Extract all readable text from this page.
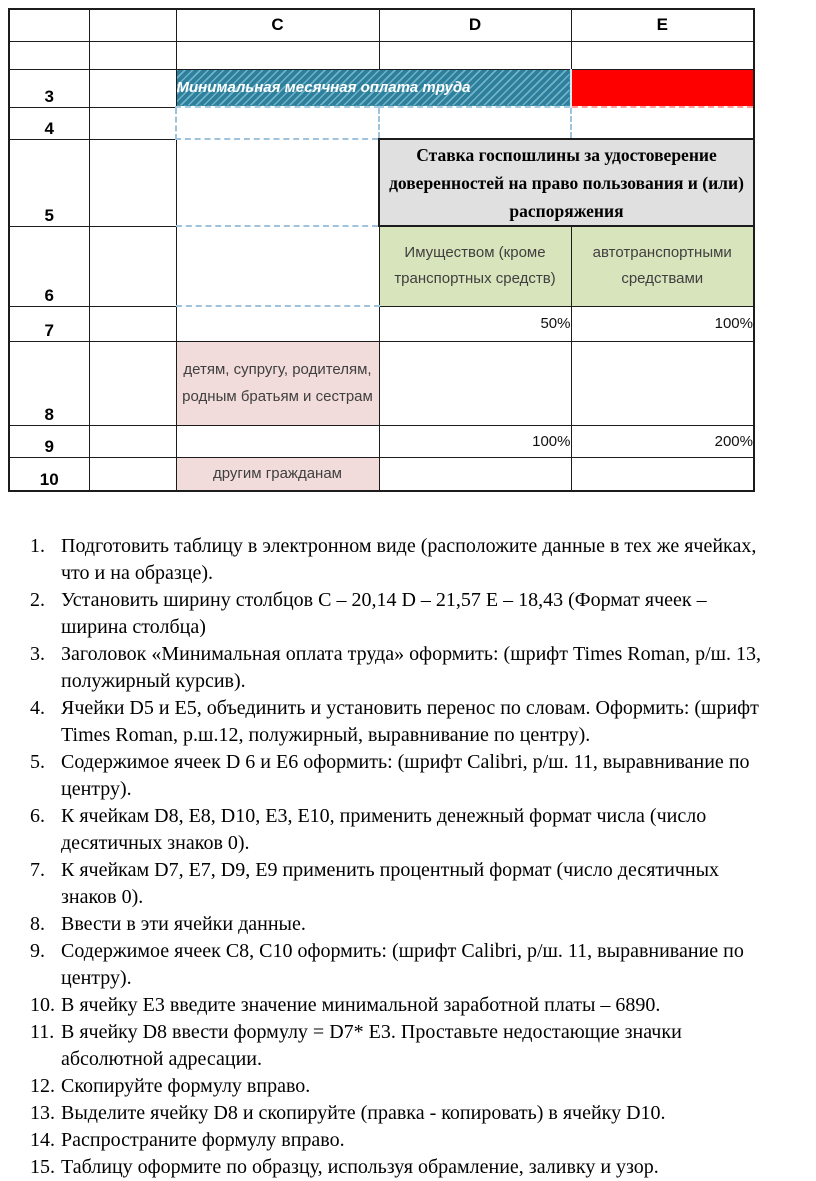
		C	D	E

3		Минимальная месячная оплата труда		
4				
5			Ставка госпошлины за удостоверение доверенностей на право пользования и (или) распоряжения	
6			Имуществом (кроме транспортных средств)	автотранспортными средствами
7			50%	100%
8		детям, супругу, родителям, родным братьям и сестрам		
9			100%	200%
10		другим гражданам		
1. Подготовить таблицу в электронном виде (расположите данные в тех же ячейках, что и на образце).
2. Установить ширину столбцов С – 20,14 D – 21,57 Е – 18,43 (Формат ячеек – ширина столбца)
3. Заголовок «Минимальная оплата труда» оформить: (шрифт Times Roman, р/ш. 13, полужирный курсив).
4. Ячейки D5 и Е5, объединить и установить перенос по словам. Оформить: (шрифт Times Roman, р.ш.12, полужирный, выравнивание по центру).
5. Содержимое ячеек D 6 и Е6 оформить: (шрифт Calibri, р/ш. 11, выравнивание по центру).
6. К ячейкам D8, Е8, D10, Е3, Е10, применить денежный формат числа (число десятичных знаков 0).
7. К ячейкам D7, Е7, D9, Е9 применить процентный формат (число десятичных знаков 0).
8. Ввести в эти ячейки данные.
9. Содержимое ячеек С8, С10 оформить: (шрифт Calibri, р/ш. 11, выравнивание по центру).
10. В ячейку Е3 введите значение минимальной заработной платы – 6890.
11. В ячейку D8 ввести формулу = D7* Е3. Проставьте недостающие значки абсолютной адресации.
12. Скопируйте формулу вправо.
13. Выделите ячейку D8 и скопируйте (правка - копировать) в ячейку D10.
14. Распространите формулу вправо.
15. Таблицу оформите по образцу, используя обрамление, заливку и узор.
